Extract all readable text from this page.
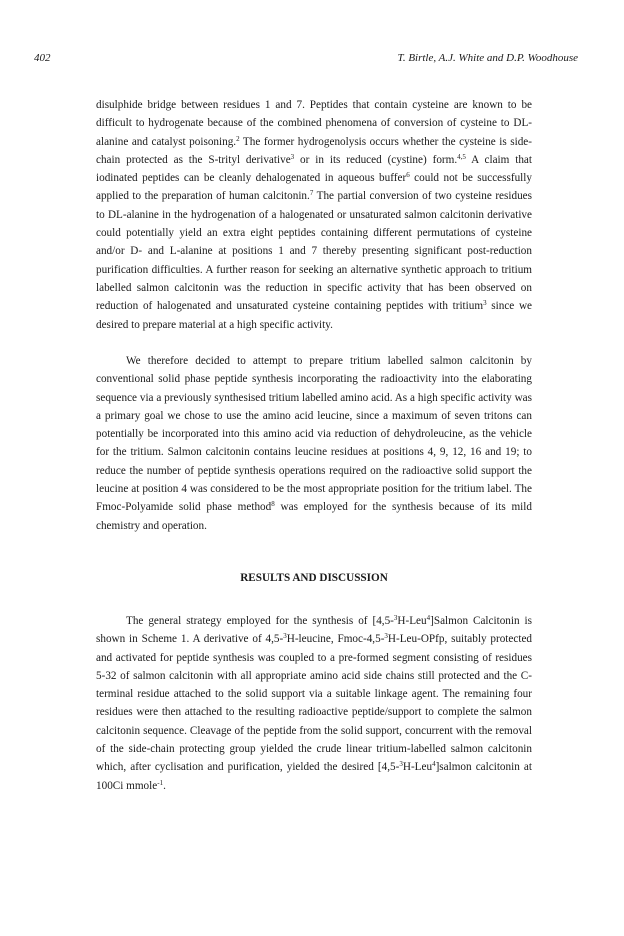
402	T. Birtle, A.J. White and D.P. Woodhouse

disulphide bridge between residues 1 and 7. Peptides that contain cysteine are known to be difficult to hydrogenate because of the combined phenomena of conversion of cysteine to DL-alanine and catalyst poisoning.$^2$ The former hydrogenolysis occurs whether the cysteine is side-chain protected as the S-trityl derivative$^3$ or in its reduced (cystine) form.$^{4,5}$ A claim that iodinated peptides can be cleanly dehalogenated in aqueous buffer$^6$ could not be successfully applied to the preparation of human calcitonin.$^7$ The partial conversion of two cysteine residues to DL-alanine in the hydrogenation of a halogenated or unsaturated salmon calcitonin derivative could potentially yield an extra eight peptides containing different permutations of cysteine and/or D- and L-alanine at positions 1 and 7 thereby presenting significant post-reduction purification difficulties. A further reason for seeking an alternative synthetic approach to tritium labelled salmon calcitonin was the reduction in specific activity that has been observed on reduction of halogenated and unsaturated cysteine containing peptides with tritium$^3$ since we desired to prepare material at a high specific activity.

We therefore decided to attempt to prepare tritium labelled salmon calcitonin by conventional solid phase peptide synthesis incorporating the radioactivity into the elaborating sequence via a previously synthesised tritium labelled amino acid. As a high specific activity was a primary goal we chose to use the amino acid leucine, since a maximum of seven tritons can potentially be incorporated into this amino acid via reduction of dehydroleucine, as the vehicle for the tritium. Salmon calcitonin contains leucine residues at positions 4, 9, 12, 16 and 19; to reduce the number of peptide synthesis operations required on the radioactive solid support the leucine at position 4 was considered to be the most appropriate position for the tritium label. The Fmoc-Polyamide solid phase method$^8$ was employed for the synthesis because of its mild chemistry and operation.

RESULTS AND DISCUSSION

The general strategy employed for the synthesis of [4,5-$^3$H-Leu$^4$]Salmon Calcitonin is shown in Scheme 1. A derivative of 4,5-$^3$H-leucine, Fmoc-4,5-$^3$H-Leu-OPfp, suitably protected and activated for peptide synthesis was coupled to a pre-formed segment consisting of residues 5-32 of salmon calcitonin with all appropriate amino acid side chains still protected and the C-terminal residue attached to the solid support via a suitable linkage agent. The remaining four residues were then attached to the resulting radioactive peptide/support to complete the salmon calcitonin sequence. Cleavage of the peptide from the solid support, concurrent with the removal of the side-chain protecting group yielded the crude linear tritium-labelled salmon calcitonin which, after cyclisation and purification, yielded the desired [4,5-$^3$H-Leu$^4$]salmon calcitonin at 100Ci mmole$^{-1}$.
